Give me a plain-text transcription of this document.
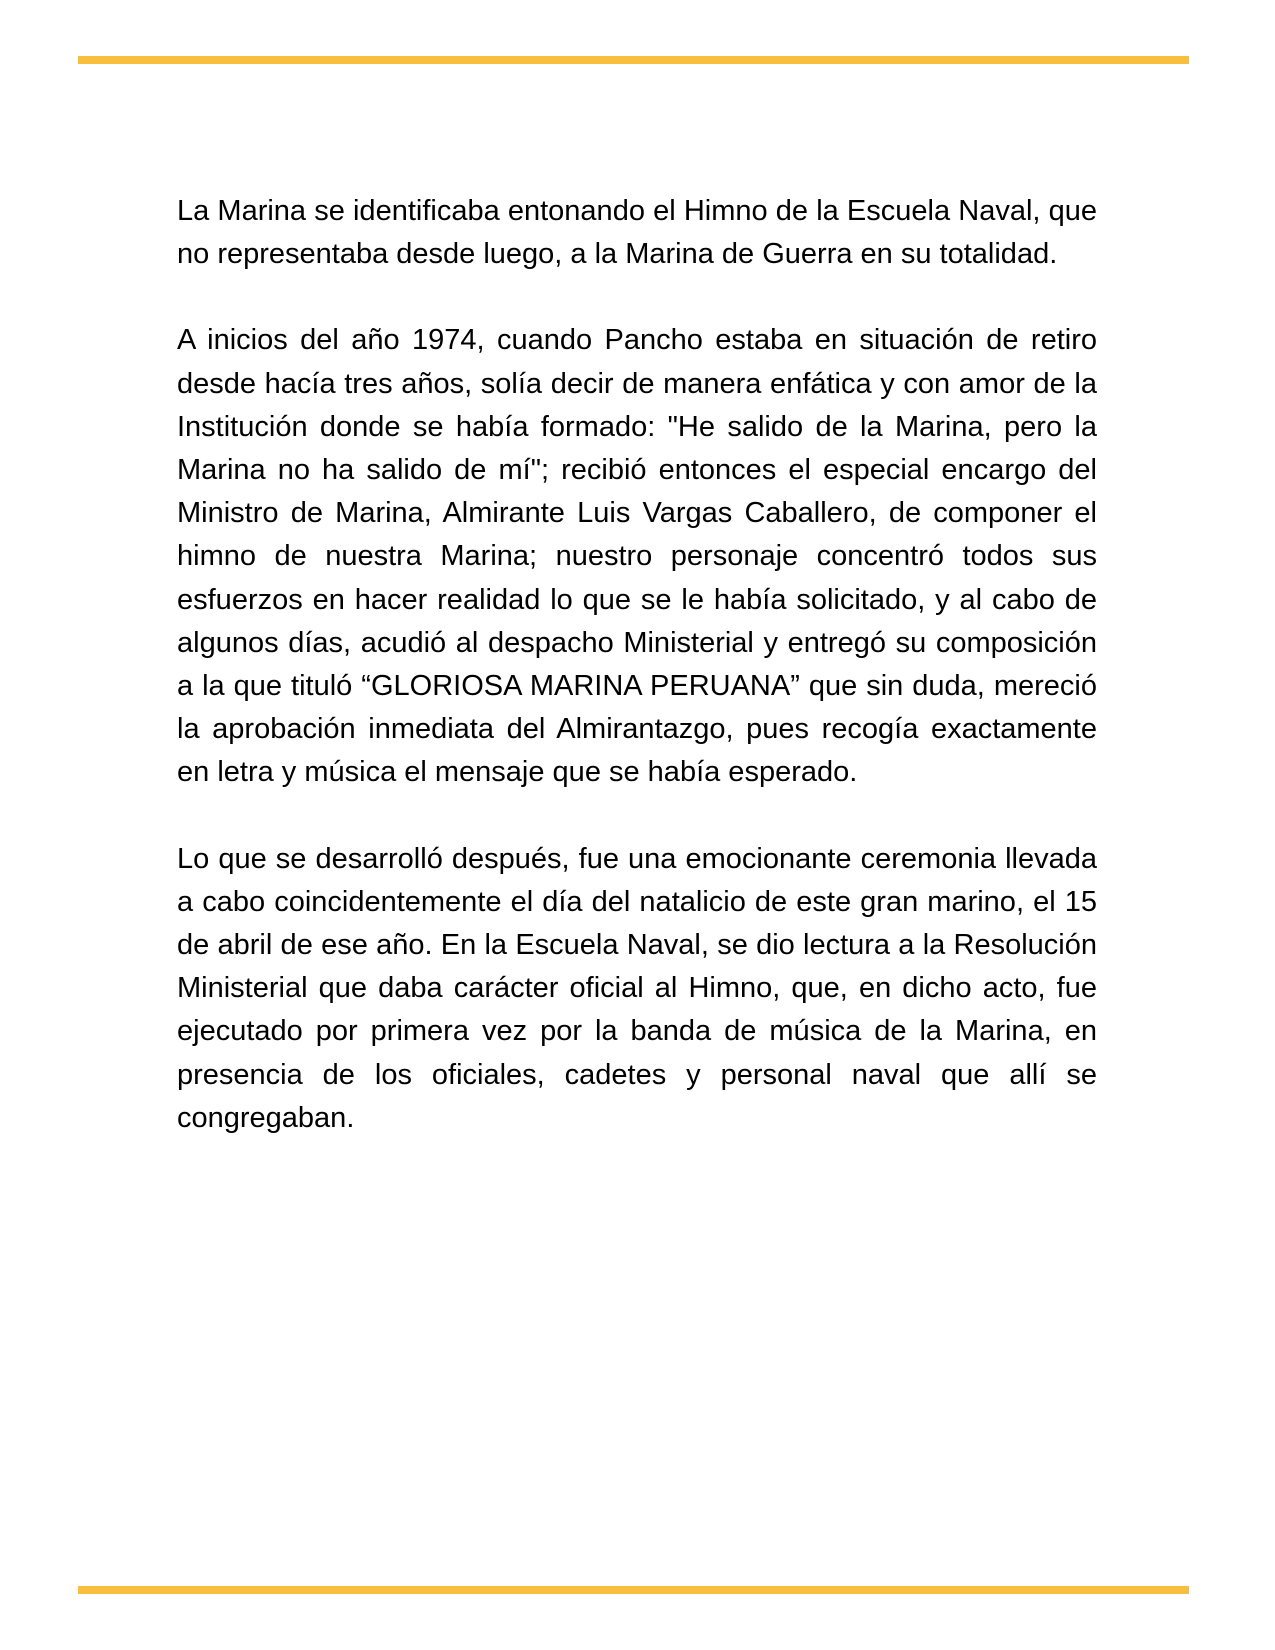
La Marina se identificaba entonando el Himno de la Escuela Naval, que no representaba desde luego, a la Marina de Guerra en su totalidad.

A inicios del año 1974, cuando Pancho estaba en situación de retiro desde hacía tres años, solía decir de manera enfática y con amor de la Institución donde se había formado: "He salido de la Marina, pero la Marina no ha salido de mí"; recibió entonces el especial encargo del Ministro de Marina, Almirante Luis Vargas Caballero, de componer el himno de nuestra Marina; nuestro personaje concentró todos sus esfuerzos en hacer realidad lo que se le había solicitado, y al cabo de algunos días, acudió al despacho Ministerial y entregó su composición a la que tituló “GLORIOSA MARINA PERUANA” que sin duda, mereció la aprobación inmediata del Almirantazgo, pues recogía exactamente en letra y música el mensaje que se había esperado.

Lo que se desarrolló después, fue una emocionante ceremonia llevada a cabo coincidentemente el día del natalicio de este gran marino, el 15 de abril de ese año. En la Escuela Naval, se dio lectura a la Resolución Ministerial que daba carácter oficial al Himno, que, en dicho acto, fue ejecutado por primera vez por la banda de música de la Marina, en presencia de los oficiales, cadetes y personal naval que allí se congregaban.
